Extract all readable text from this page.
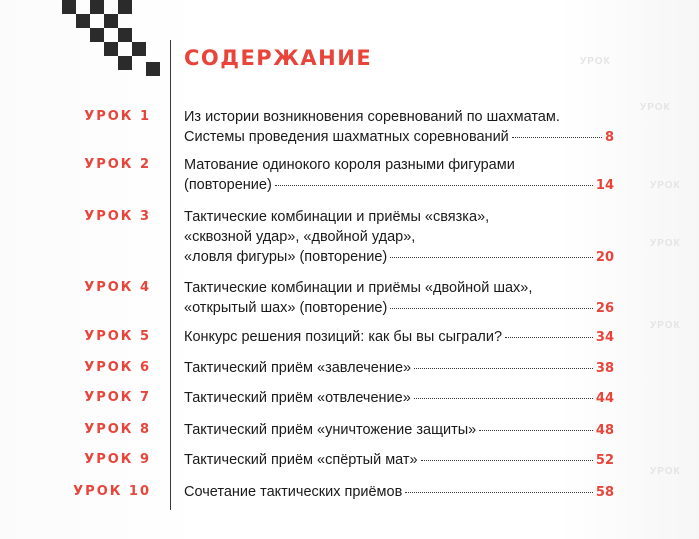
СОДЕРЖАНИЕ	УРОК
УРОК
УРОК
УРОК
УРОК
УРОК
УРОК 1 Из истории возникновения соревнований по шахматам.
Системы проведения шахматных соревнований	8
УРОК 2 Матование одинокого короля разными фигурами
(повторение)	14
УРОК 3 Тактические комбинации и приёмы «связка»,
«сквозной удар», «двойной удар»,
«ловля фигуры» (повторение)	20
УРОК 4 Тактические комбинации и приёмы «двойной шах»,
«открытый шах» (повторение)	26
УРОК 5 Конкурс решения позиций: как бы вы сыграли?	34
УРОК 6 Тактический приём «завлечение»	38
УРОК 7 Тактический приём «отвлечение»	44
УРОК 8 Тактический приём «уничтожение защиты»	48
УРОК 9 Тактический приём «спёртый мат»	52
УРОК 10 Сочетание тактических приёмов	58
